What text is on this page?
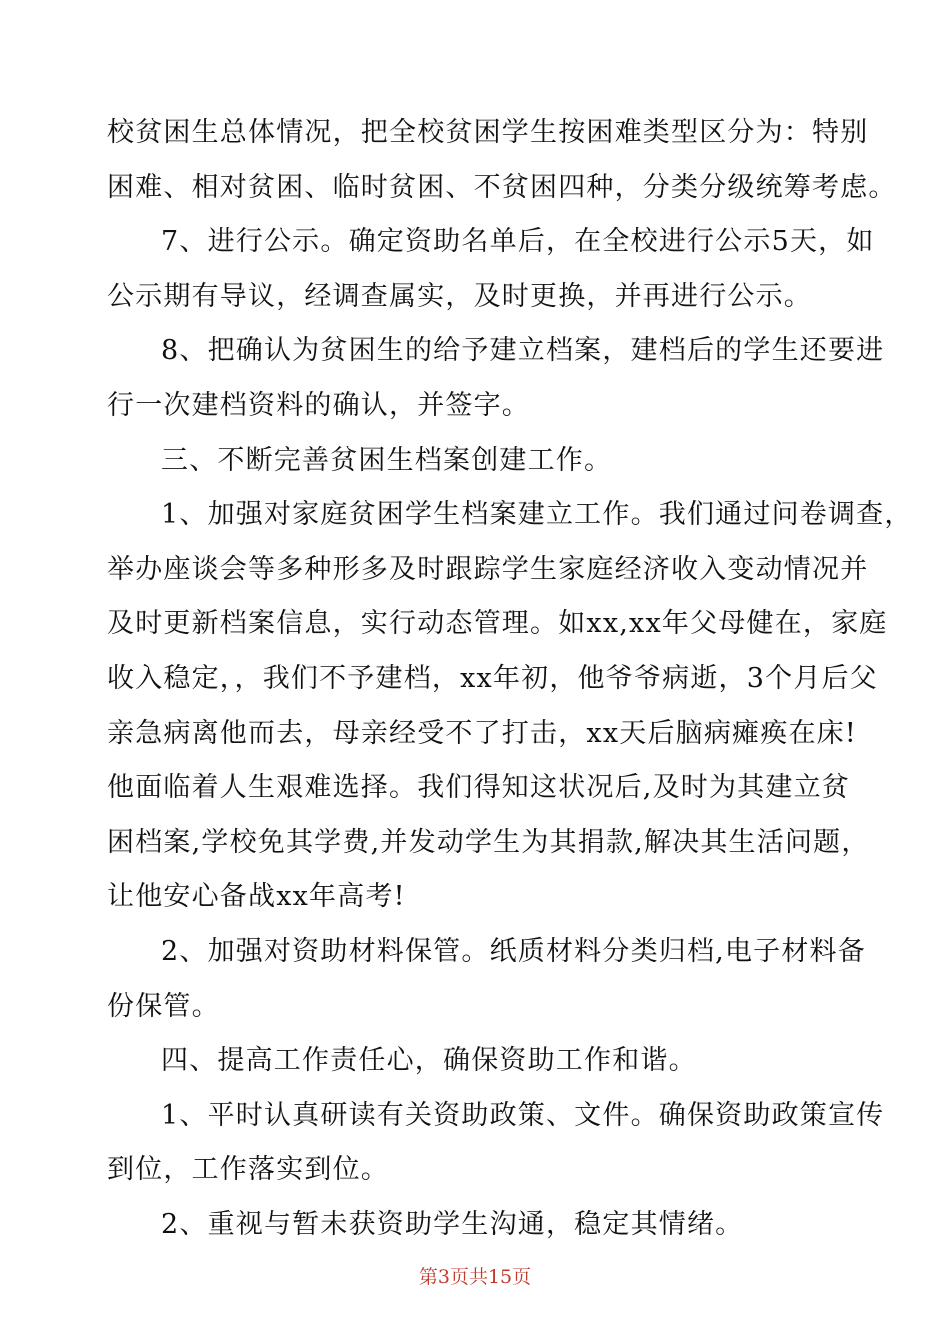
校贫困生总体情况，把全校贫困学生按困难类型区分为：特别
困难、相对贫困、临时贫困、不贫困四种，分类分级统筹考虑。
7、进行公示。确定资助名单后，在全校进行公示5天，如
公示期有导议，经调查属实，及时更换，并再进行公示。
8、把确认为贫困生的给予建立档案，建档后的学生还要进
行一次建档资料的确认，并签字。
三、不断完善贫困生档案创建工作。
1、加强对家庭贫困学生档案建立工作。我们通过问卷调查，
举办座谈会等多种形多及时跟踪学生家庭经济收入变动情况并
及时更新档案信息，实行动态管理。如xx,xx年父母健在，家庭
收入稳定，，我们不予建档，xx年初，他爷爷病逝，3个月后父
亲急病离他而去，母亲经受不了打击，xx天后脑病瘫痪在床!
他面临着人生艰难选择。我们得知这状况后,及时为其建立贫
困档案,学校免其学费,并发动学生为其捐款,解决其生活问题，
让他安心备战xx年高考!
2、加强对资助材料保管。纸质材料分类归档,电子材料备
份保管。
四、提高工作责任心，确保资助工作和谐。
1、平时认真研读有关资助政策、文件。确保资助政策宣传
到位，工作落实到位。
2、重视与暂未获资助学生沟通，稳定其情绪。
第3页共15页
